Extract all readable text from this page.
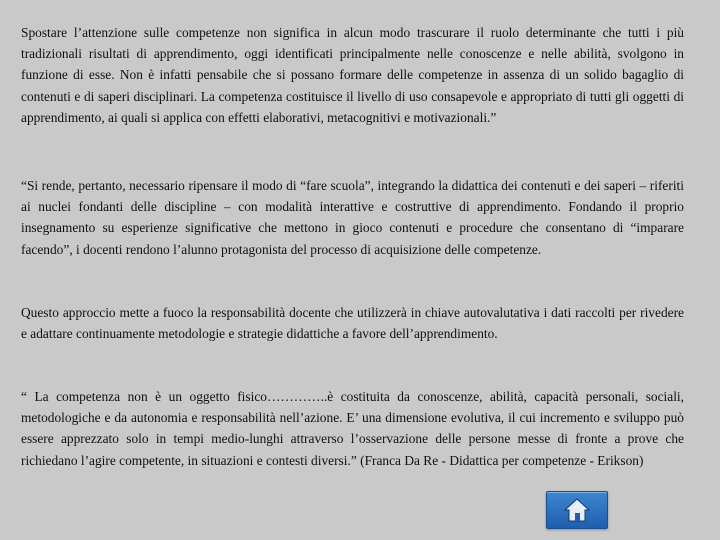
Spostare l’attenzione sulle competenze non significa in alcun modo trascurare il ruolo determinante che tutti i più tradizionali risultati di apprendimento, oggi identificati principalmente nelle conoscenze e nelle abilità, svolgono in funzione di esse. Non è infatti pensabile che si possano formare delle competenze in assenza di un solido bagaglio di contenuti e di saperi disciplinari. La competenza costituisce il livello di uso consapevole e appropriato di tutti gli oggetti di apprendimento, ai quali si applica con effetti elaborativi, metacognitivi e motivazionali.”

“Si rende, pertanto, necessario ripensare il modo di “fare scuola”, integrando la didattica dei contenuti e dei saperi – riferiti ai nuclei fondanti delle discipline – con modalità interattive e costruttive di apprendimento. Fondando il proprio insegnamento su esperienze significative che mettono in gioco contenuti e procedure che consentano di “imparare facendo”, i docenti rendono l’alunno protagonista del processo di acquisizione delle competenze.

Questo approccio mette a fuoco la responsabilità docente che utilizzerà in chiave autovalutativa i dati raccolti per rivedere e adattare continuamente metodologie e strategie didattiche a favore dell’apprendimento.

“ La competenza non è un oggetto fisico…………..è costituita da conoscenze, abilità, capacità personali, sociali, metodologiche e da autonomia e responsabilità nell’azione. E’ una dimensione evolutiva, il cui incremento e sviluppo può essere apprezzato solo in tempi medio-lunghi attraverso l’osservazione delle persone messe di fronte a prove che richiedano l’agire competente, in situazioni e contesti diversi.” (Franca Da Re - Didattica per competenze - Erikson)
